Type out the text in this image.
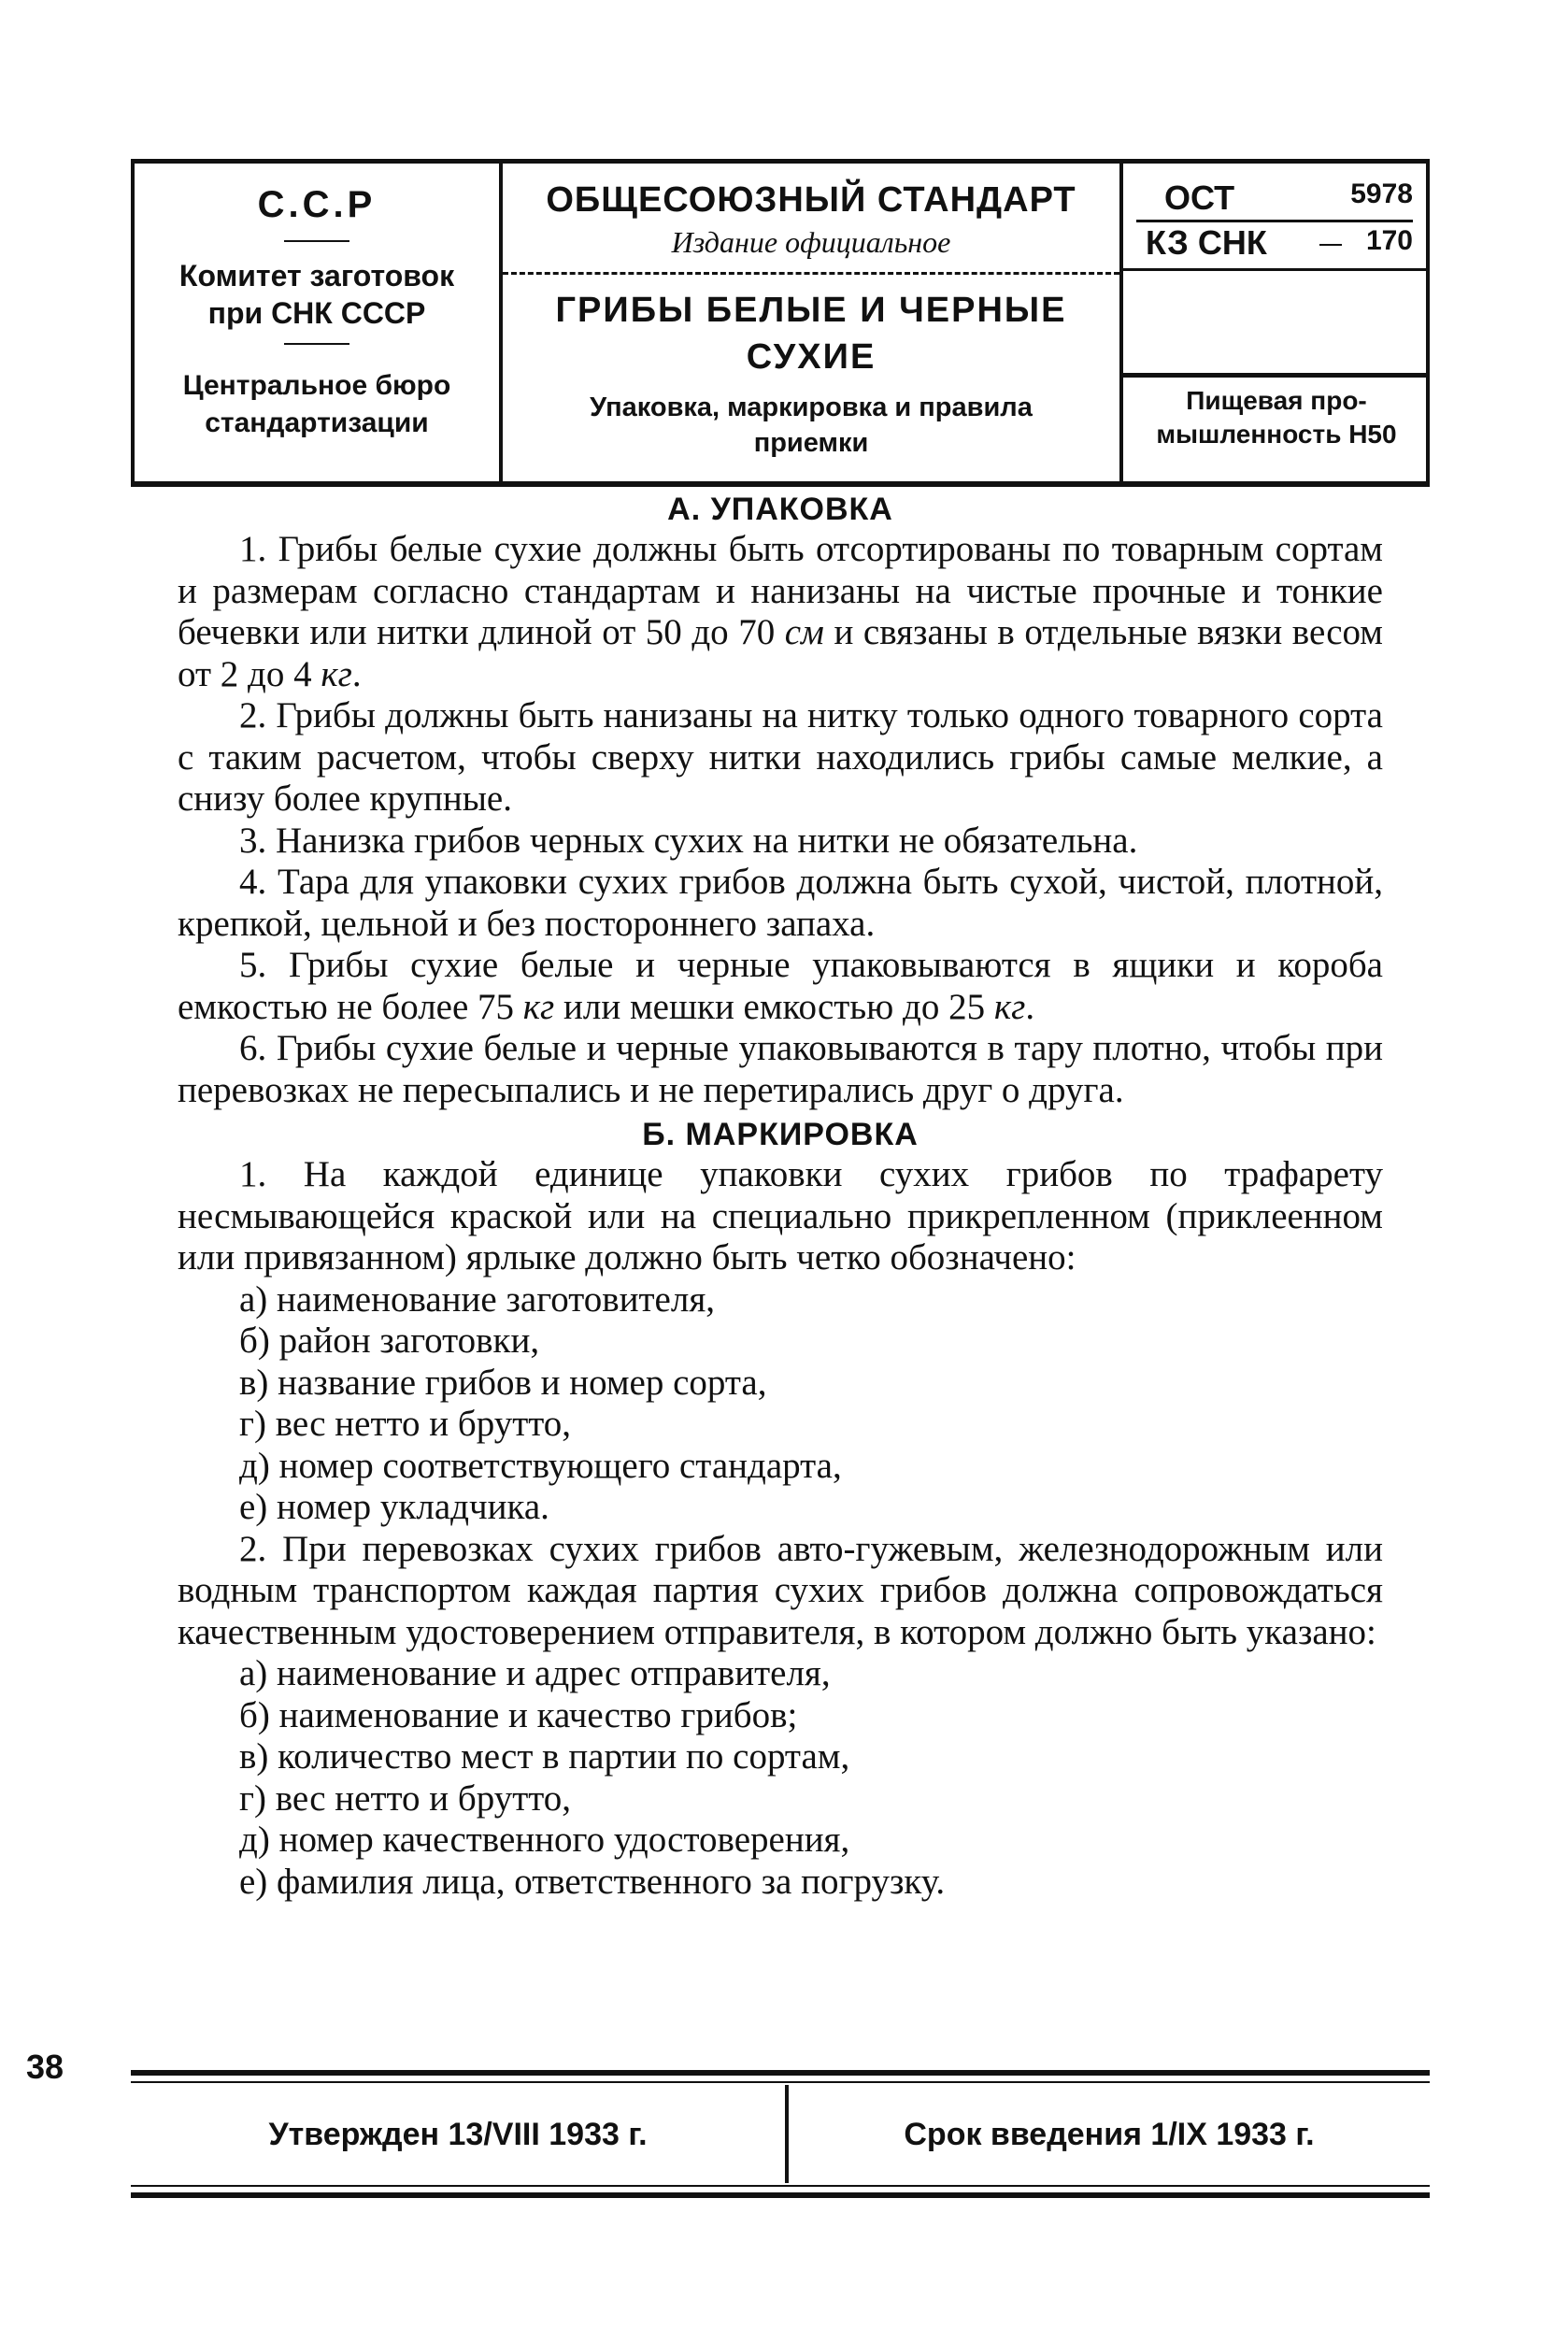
С.С.Р
Комитет заготовок
при СНК СССР
Центральное бюро
стандартизации
ОБЩЕСОЮЗНЫЙ СТАНДАРТ
Издание официальное
ГРИБЫ БЕЛЫЕ И ЧЕРНЫЕ
СУХИЕ
Упаковка, маркировка и правила
приемки
ОСТ	5978
КЗ СНК	170
Пищевая про-
мышленность Н50

А. УПАКОВКА

1. Грибы белые сухие должны быть отсортированы по товарным сортам и размерам согласно стандартам и нанизаны на чистые прочные и тонкие бечевки или нитки длиной от 50 до 70 см и связаны в отдельные вязки весом от 2 до 4 кг.

2. Грибы должны быть нанизаны на нитку только одного товарного сорта с таким расчетом, чтобы сверху нитки находились грибы самые мелкие, а снизу более крупные.

3. Нанизка грибов черных сухих на нитки не обязательна.

4. Тара для упаковки сухих грибов должна быть сухой, чистой, плотной, крепкой, цельной и без постороннего запаха.

5. Грибы сухие белые и черные упаковываются в ящики и короба емкостью не более 75 кг или мешки емкостью до 25 кг.

6. Грибы сухие белые и черные упаковываются в тару плотно, чтобы при перевозках не пересыпались и не перетирались друг о друга.

Б. МАРКИРОВКА

1. На каждой единице упаковки сухих грибов по трафарету несмывающейся краской или на специально прикрепленном (приклеенном или привязанном) ярлыке должно быть четко обозначено:

а) наименование заготовителя,

б) район заготовки,

в) название грибов и номер сорта,

г) вес нетто и брутто,

д) номер соответствующего стандарта,

е) номер укладчика.

2. При перевозках сухих грибов авто-гужевым, железнодорожным или водным транспортом каждая партия сухих грибов должна сопровождаться качественным удостоверением отправителя, в котором должно быть указано:

а) наименование и адрес отправителя,

б) наименование и качество грибов;

в) количество мест в партии по сортам,

г) вес нетто и брутто,

д) номер качественного удостоверения,

е) фамилия лица, ответственного за погрузку.

Утвержден 13/VIII 1933 г.	Срок введения 1/IX 1933 г.
38
